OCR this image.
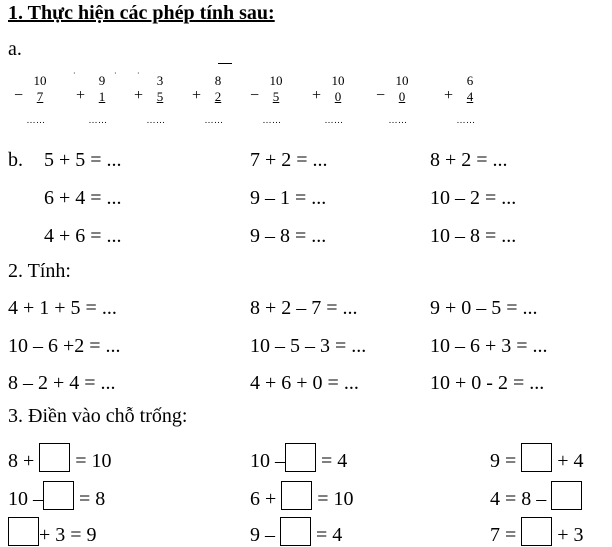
1. Thực hiện các phép tính sau:
a.
−
10
7
……
+
9
1
……
+
3
5
……
+
8
2
……
−
10
5
……
+
10
0
……
−
10
0
……
+
6
4
……
·	·	·
b. 5 + 5 = ...	7 + 2 = ...	8 + 2 = ...
6 + 4 = ...	9 – 1 = ...	10 – 2 = ...
4 + 6 = ...	9 – 8 = ...	10 – 8 = ...
2. Tính:
4 + 1 + 5 = ...	8 + 2 – 7 = ...	9 + 0 – 5 = ...
10 – 6 +2 = ...	10 – 5 – 3 = ...	10 – 6 + 3 = ...
8 – 2 + 4 = ...	4 + 6 + 0 = ...	10 + 0 - 2 = ...
3. Điền vào chỗ trống:
8 +  = 10	10 – = 4	9 =  + 4
10 – = 8	6 +  = 10	4 = 8 –
+ 3 = 9	9 –  = 4	7 =  + 3
